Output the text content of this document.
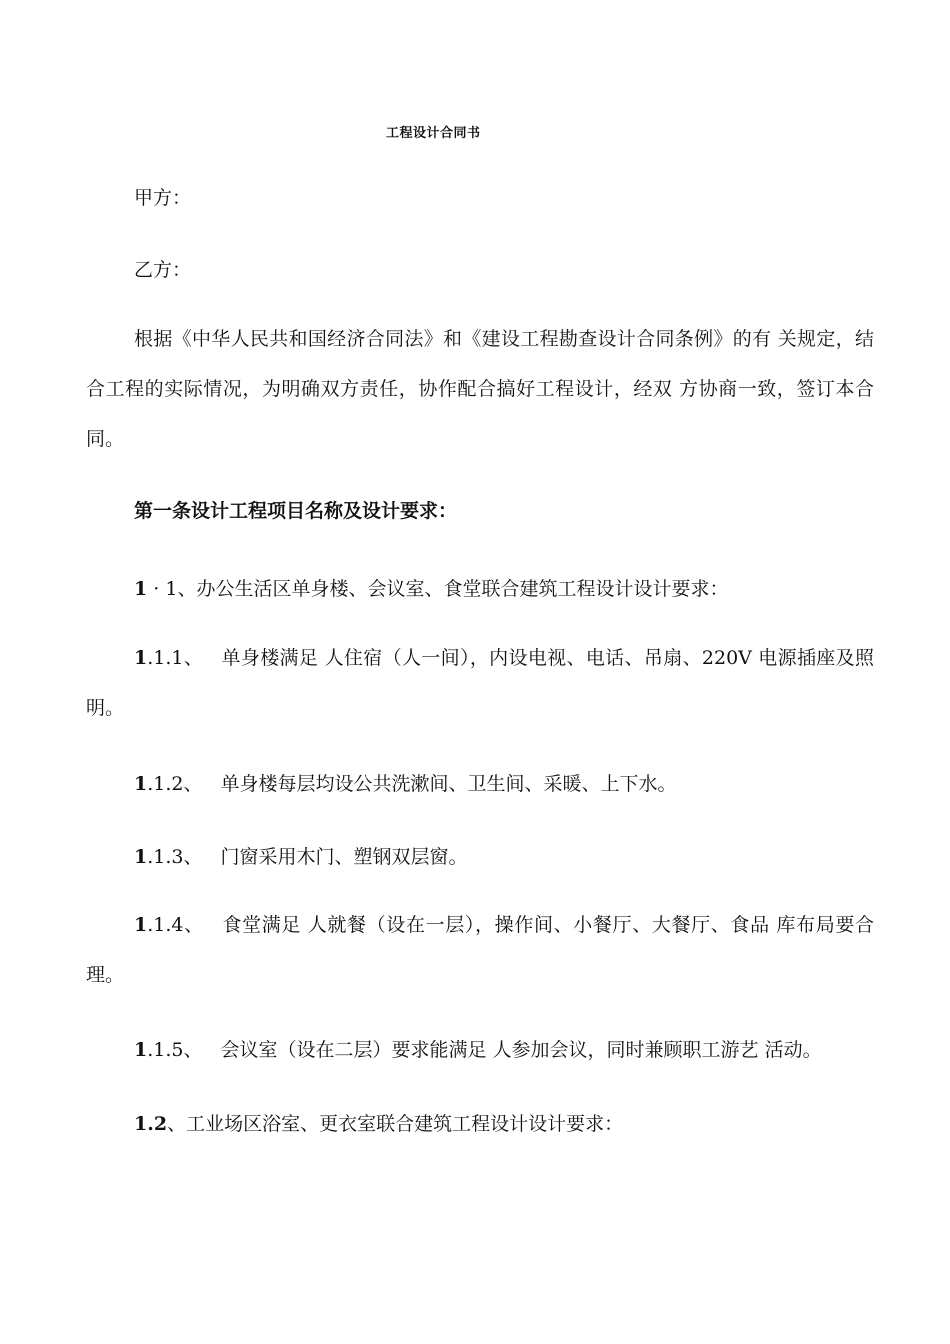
工程设计合同书
甲方：
乙方：
根据《中华人民共和国经济合同法》和《建设工程勘查设计合同条例》的有 关规定，结合工程的实际情况，为明确双方责任，协作配合搞好工程设计，经双 方协商一致，签订本合同。
第一条设计工程项目名称及设计要求：
1 · 1、办公生活区单身楼、会议室、食堂联合建筑工程设计设计要求：
1.1.1、 单身楼满足 人住宿（人一间），内设电视、电话、吊扇、220V 电源插座及照明。
1.1.2、 单身楼每层均设公共洗漱间、卫生间、采暖、上下水。
1.1.3、 门窗采用木门、塑钢双层窗。
1.1.4、 食堂满足 人就餐（设在一层），操作间、小餐厅、大餐厅、食品 库布局要合理。
1.1.5、 会议室（设在二层）要求能满足 人参加会议，同时兼顾职工游艺 活动。
1.2、工业场区浴室、更衣室联合建筑工程设计设计要求：
